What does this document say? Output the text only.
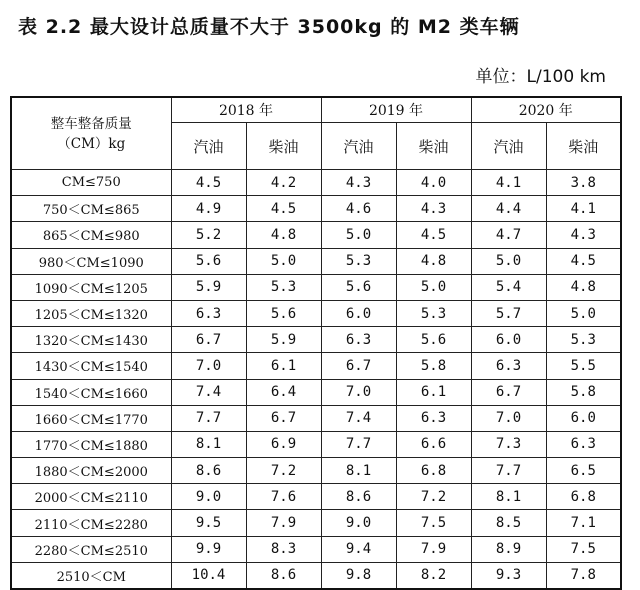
表 2.2 最大设计总质量不大于 3500kg 的 M2 类车辆
单位：L/100 km
整车整备质量
（CM）kg	2018 年		2019 年		2020 年	
	汽油	柴油	汽油	柴油	汽油	柴油
CM≤750	4.5	4.2	4.3	4.0	4.1	3.8
750＜CM≤865	4.9	4.5	4.6	4.3	4.4	4.1
865＜CM≤980	5.2	4.8	5.0	4.5	4.7	4.3
980＜CM≤1090	5.6	5.0	5.3	4.8	5.0	4.5
1090＜CM≤1205	5.9	5.3	5.6	5.0	5.4	4.8
1205＜CM≤1320	6.3	5.6	6.0	5.3	5.7	5.0
1320＜CM≤1430	6.7	5.9	6.3	5.6	6.0	5.3
1430＜CM≤1540	7.0	6.1	6.7	5.8	6.3	5.5
1540＜CM≤1660	7.4	6.4	7.0	6.1	6.7	5.8
1660＜CM≤1770	7.7	6.7	7.4	6.3	7.0	6.0
1770＜CM≤1880	8.1	6.9	7.7	6.6	7.3	6.3
1880＜CM≤2000	8.6	7.2	8.1	6.8	7.7	6.5
2000＜CM≤2110	9.0	7.6	8.6	7.2	8.1	6.8
2110＜CM≤2280	9.5	7.9	9.0	7.5	8.5	7.1
2280＜CM≤2510	9.9	8.3	9.4	7.9	8.9	7.5
2510＜CM	10.4	8.6	9.8	8.2	9.3	7.8
